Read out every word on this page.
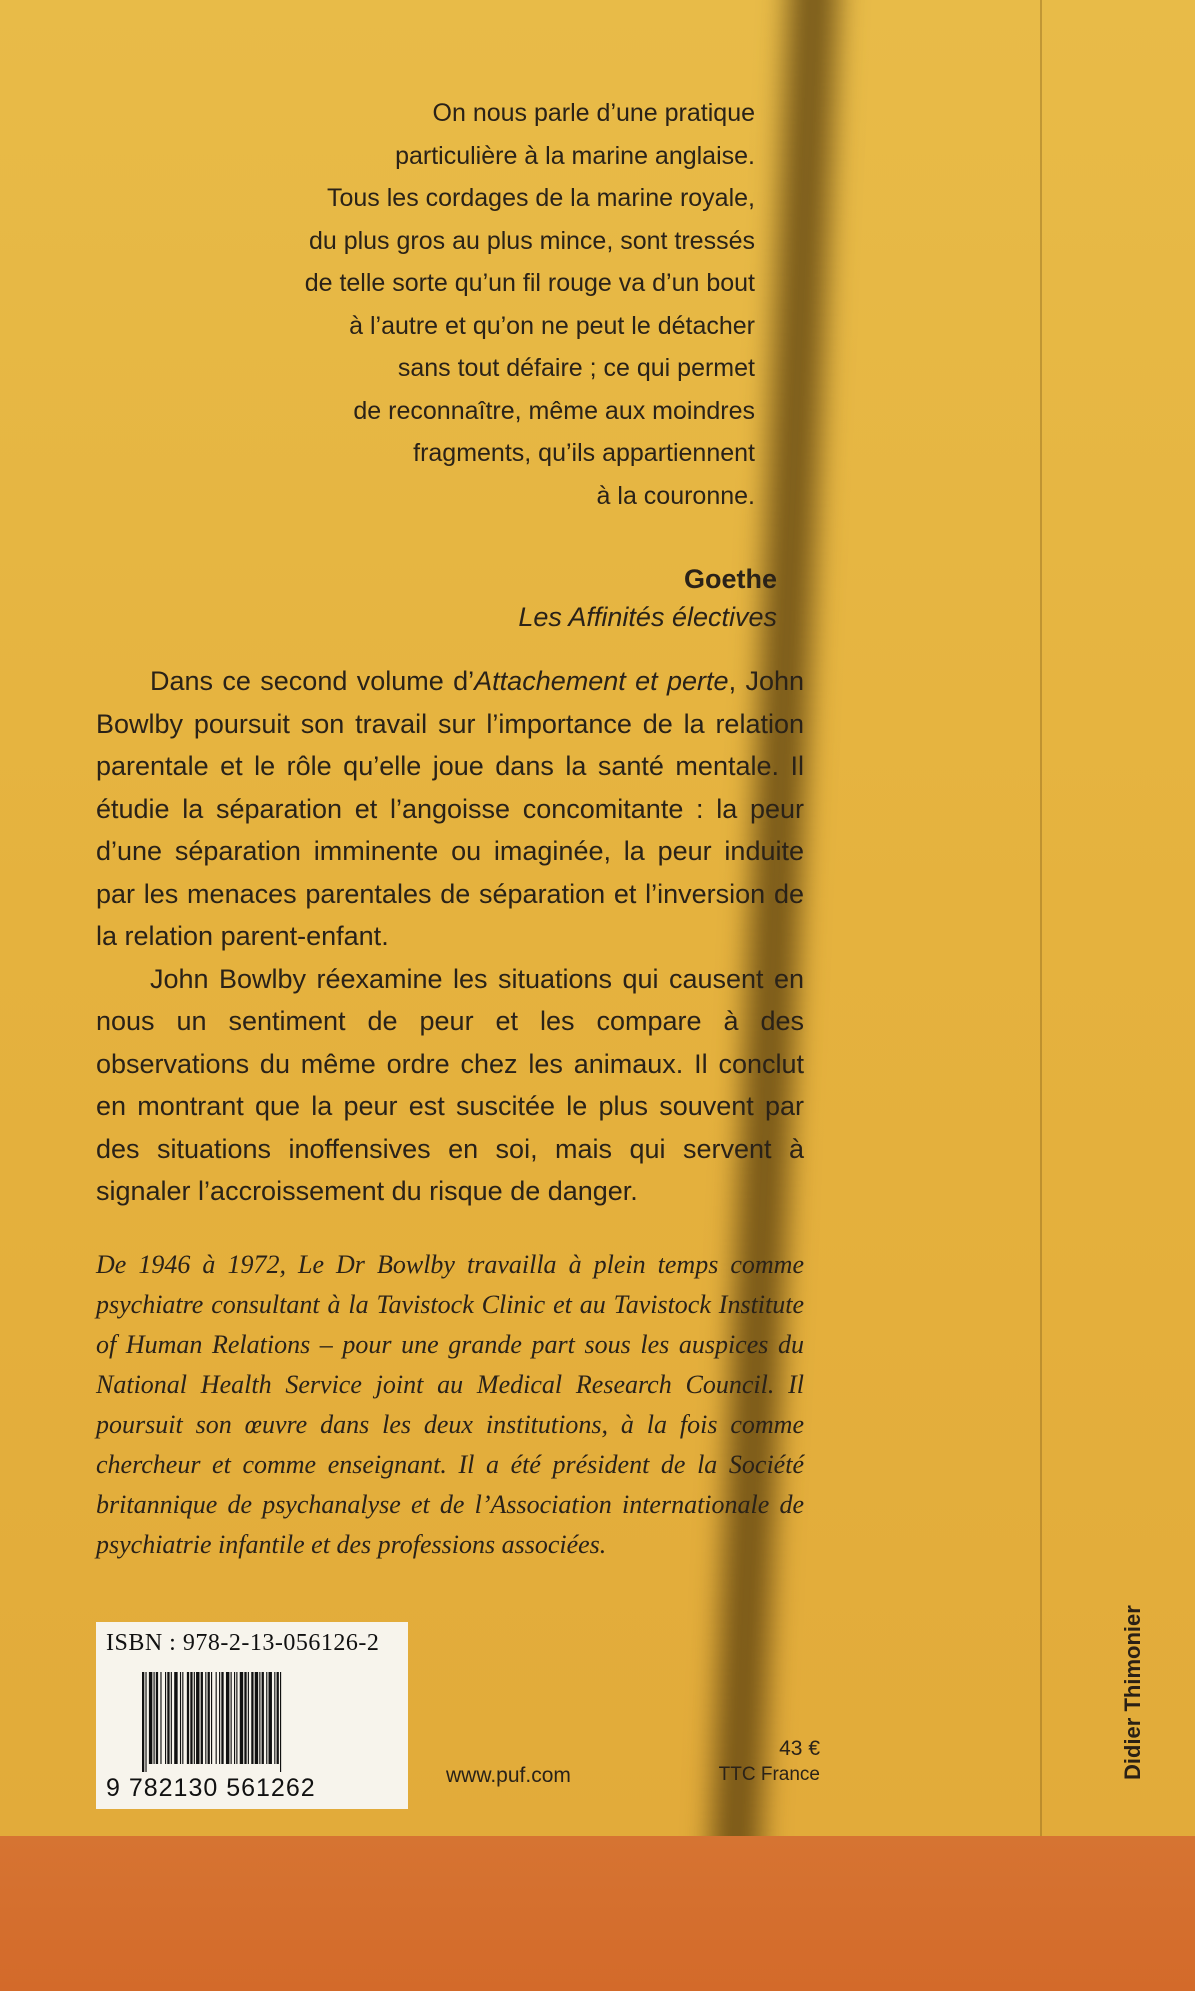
On nous parle d’une pratique

particulière à la marine anglaise.

Tous les cordages de la marine royale,

du plus gros au plus mince, sont tressés

de telle sorte qu’un fil rouge va d’un bout

à l’autre et qu’on ne peut le détacher

sans tout défaire ; ce qui permet

de reconnaître, même aux moindres

fragments, qu’ils appartiennent

à la couronne.

Goethe
Les Affinités électives

Dans ce second volume d’Attachement et perte, John Bowlby poursuit son travail sur l’importance de la relation parentale et le rôle qu’elle joue dans la santé mentale. Il étudie la séparation et l’angoisse concomitante : la peur d’une séparation imminente ou imaginée, la peur induite par les menaces parentales de séparation et l’inversion de la relation parent-enfant.

John Bowlby réexamine les situations qui causent en nous un sentiment de peur et les compare à des observations du même ordre chez les animaux. Il conclut en montrant que la peur est suscitée le plus souvent par des situations inoffensives en soi, mais qui servent à signaler l’accroissement du risque de danger.

De 1946 à 1972, Le Dr Bowlby travailla à plein temps comme psychiatre consultant à la Tavistock Clinic et au Tavistock Institute of Human Relations – pour une grande part sous les auspices du National Health Service joint au Medical Research Council. Il poursuit son œuvre dans les deux institutions, à la fois comme chercheur et comme enseignant. Il a été président de la Société britannique de psychanalyse et de l’Association internationale de psychiatrie infantile et des professions associées.

ISBN : 978-2-13-056126-2
9 782130 561262	www.puf.com
43 €
TTC France	Didier Thimonier
